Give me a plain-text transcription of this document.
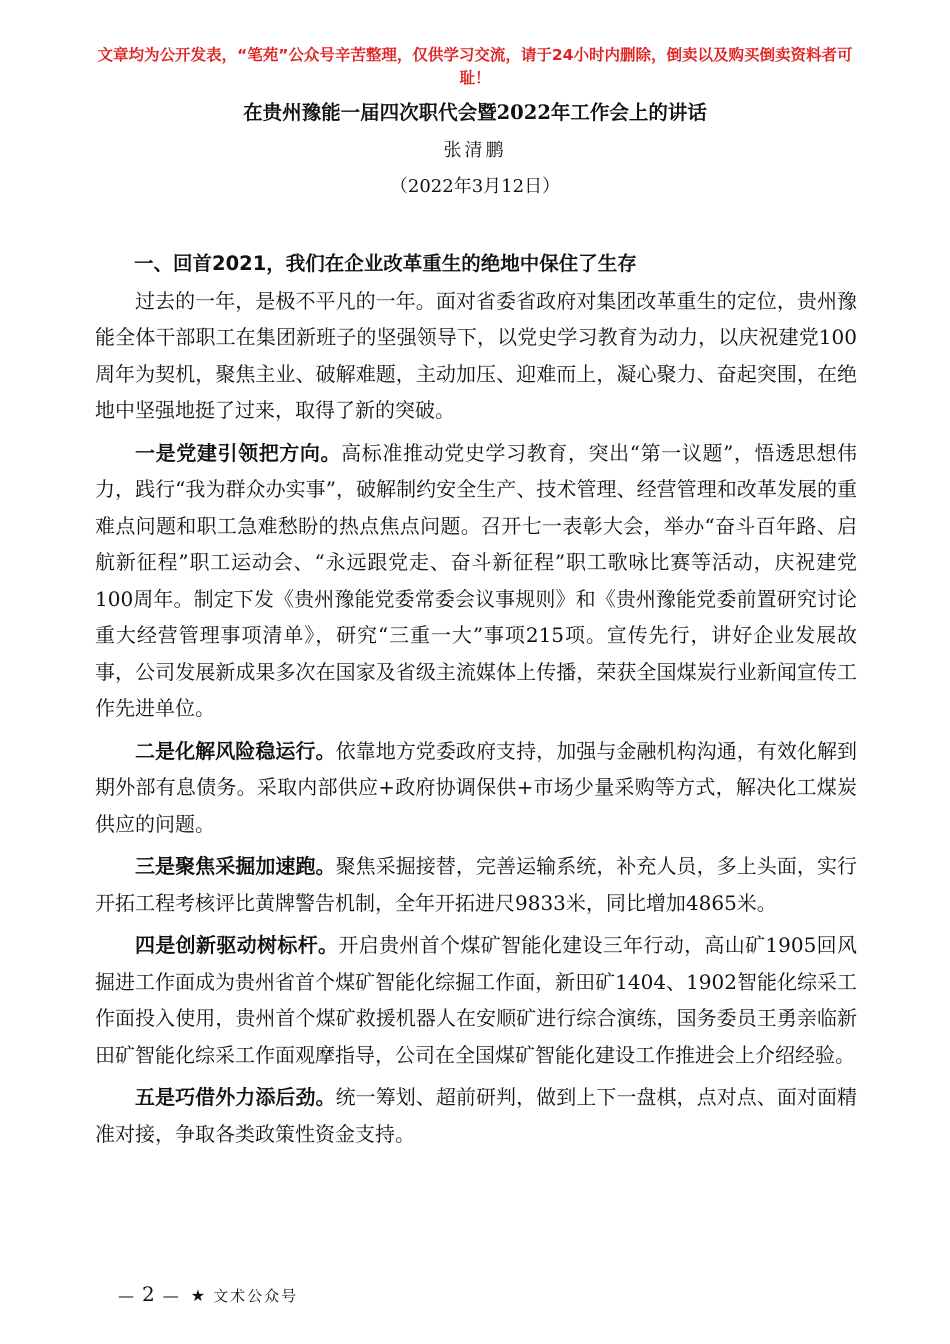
文章均为公开发表，“笔苑”公众号辛苦整理，仅供学习交流，请于24小时内删除，倒卖以及购买倒卖资料者可耻！
在贵州豫能一届四次职代会暨2022年工作会上的讲话
张清鹏
（2022年3月12日）

一、回首2021，我们在企业改革重生的绝地中保住了生存

过去的一年，是极不平凡的一年。面对省委省政府对集团改革重生的定位，贵州豫能全体干部职工在集团新班子的坚强领导下，以党史学习教育为动力，以庆祝建党100周年为契机，聚焦主业、破解难题，主动加压、迎难而上，凝心聚力、奋起突围，在绝地中坚强地挺了过来，取得了新的突破。

一是党建引领把方向。高标准推动党史学习教育，突出“第一议题”，悟透思想伟力，践行“我为群众办实事”，破解制约安全生产、技术管理、经营管理和改革发展的重难点问题和职工急难愁盼的热点焦点问题。召开七一表彰大会，举办“奋斗百年路、启航新征程”职工运动会、“永远跟党走、奋斗新征程”职工歌咏比赛等活动，庆祝建党100周年。制定下发《贵州豫能党委常委会议事规则》和《贵州豫能党委前置研究讨论重大经营管理事项清单》，研究“三重一大”事项215项。宣传先行，讲好企业发展故事，公司发展新成果多次在国家及省级主流媒体上传播，荣获全国煤炭行业新闻宣传工作先进单位。

二是化解风险稳运行。依靠地方党委政府支持，加强与金融机构沟通，有效化解到期外部有息债务。采取内部供应+政府协调保供+市场少量采购等方式，解决化工煤炭供应的问题。

三是聚焦采掘加速跑。聚焦采掘接替，完善运输系统，补充人员，多上头面，实行开拓工程考核评比黄牌警告机制，全年开拓进尺9833米，同比增加4865米。

四是创新驱动树标杆。开启贵州首个煤矿智能化建设三年行动，高山矿1905回风掘进工作面成为贵州省首个煤矿智能化综掘工作面，新田矿1404、1902智能化综采工作面投入使用，贵州首个煤矿救援机器人在安顺矿进行综合演练，国务委员王勇亲临新田矿智能化综采工作面观摩指导，公司在全国煤矿智能化建设工作推进会上介绍经验。

五是巧借外力添后劲。统一筹划、超前研判，做到上下一盘棋，点对点、面对面精准对接，争取各类政策性资金支持。

— 2 — ★ 文术公众号
